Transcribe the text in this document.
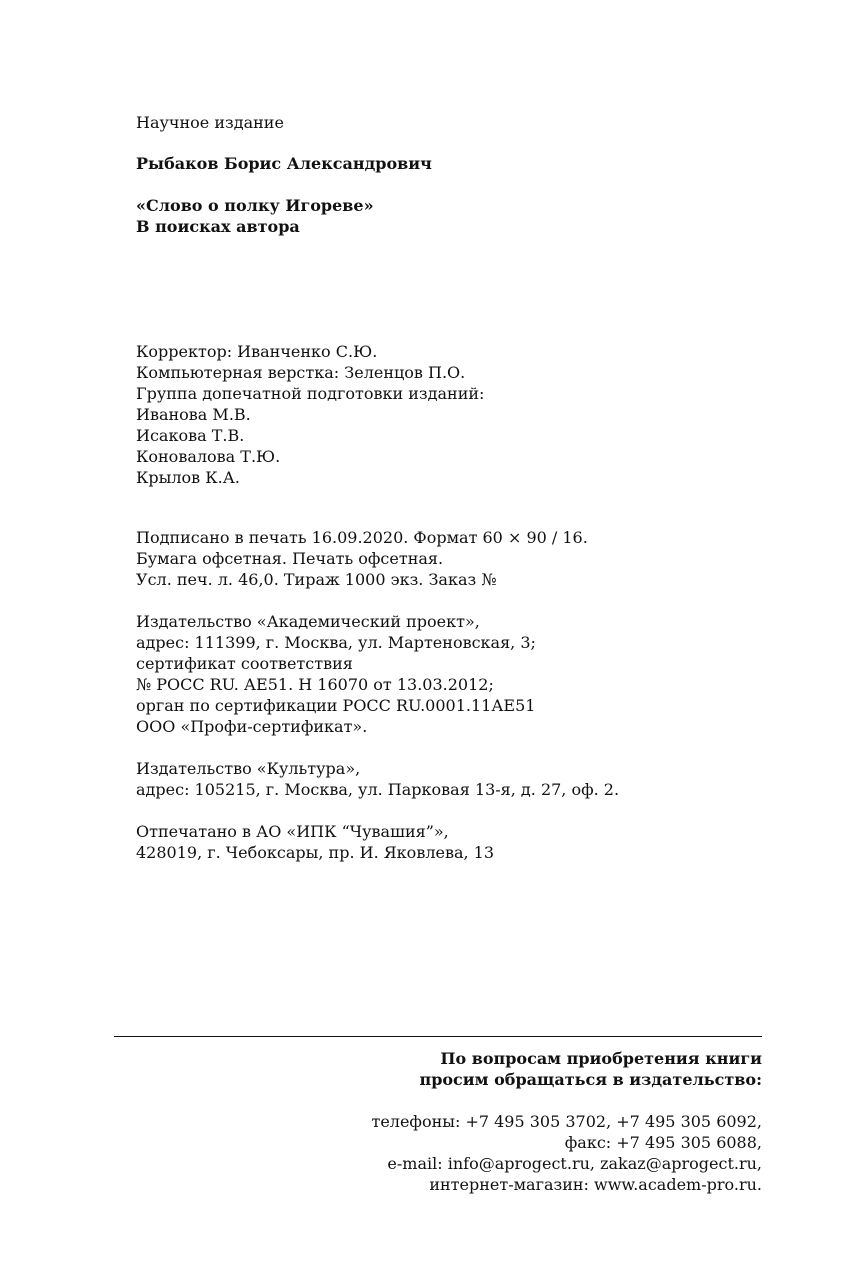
Научное издание
Рыбаков Борис Александрович
«Слово о полку Игореве»
В поисках автора
Корректор: Иванченко С.Ю.
Компьютерная верстка: Зеленцов П.О.
Группа допечатной подготовки изданий:
Иванова М.В.
Исакова Т.В.
Коновалова Т.Ю.
Крылов К.А.
Подписано в печать 16.09.2020. Формат 60 × 90 / 16.
Бумага офсетная. Печать офсетная.
Усл. печ. л. 46,0. Тираж 1000 экз. Заказ №
Издательство «Академический проект»,
адрес: 111399, г. Москва, ул. Мартеновская, 3;
сертификат соответствия
№ РОСС RU. АЕ51. Н 16070 от 13.03.2012;
орган по сертификации РОСС RU.0001.11АЕ51
ООО «Профи-сертификат».
Издательство «Культура»,
адрес: 105215, г. Москва, ул. Парковая 13-я, д. 27, оф. 2.
Отпечатано в АО «ИПК “Чувашия”»,
428019, г. Чебоксары, пр. И. Яковлева, 13
По вопросам приобретения книги
просим обращаться в издательство:
телефоны: +7 495 305 3702, +7 495 305 6092,
факс: +7 495 305 6088,
e-mail: info@aprogect.ru, zakaz@aprogect.ru,
интернет-магазин: www.academ-pro.ru.
